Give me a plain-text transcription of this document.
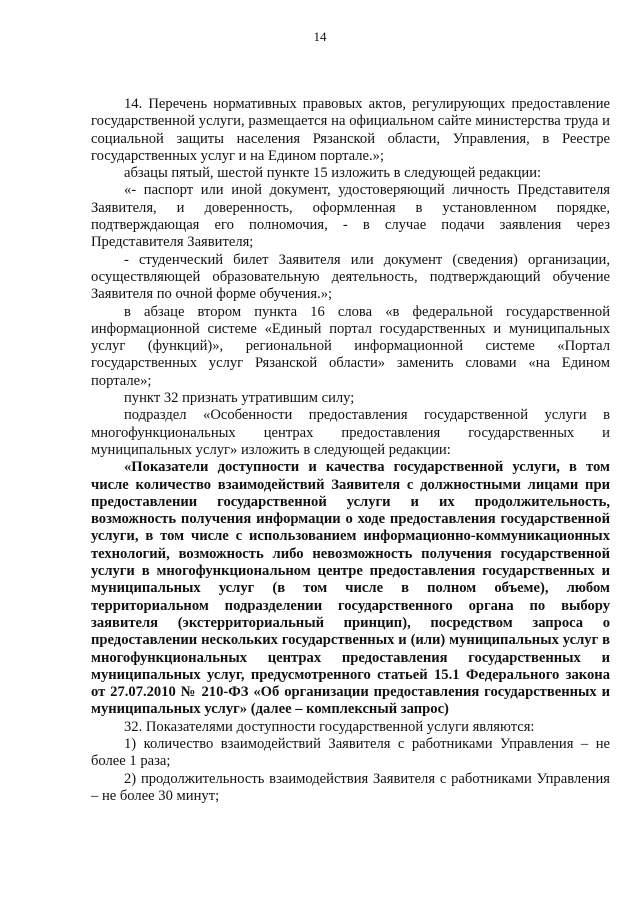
14

14. Перечень нормативных правовых актов, регулирующих предоставление государственной услуги, размещается на официальном сайте министерства труда и социальной защиты населения Рязанской области, Управления, в Реестре государственных услуг и на Едином портале.»;

абзацы пятый, шестой пункте 15 изложить в следующей редакции:

«- паспорт или иной документ, удостоверяющий личность Представителя Заявителя, и доверенность, оформленная в установленном порядке, подтверждающая его полномочия, - в случае подачи заявления через Представителя Заявителя;

- студенческий билет Заявителя или документ (сведения) организации, осуществляющей образовательную деятельность, подтверждающий обучение Заявителя по очной форме обучения.»;

в абзаце втором пункта 16 слова «в федеральной государственной информационной системе «Единый портал государственных и муниципальных услуг (функций)», региональной информационной системе «Портал государственных услуг Рязанской области» заменить словами «на Едином портале»;

пункт 32 признать утратившим силу;

подраздел «Особенности предоставления государственной услуги в многофункциональных центрах предоставления государственных и муниципальных услуг» изложить в следующей редакции:

«Показатели доступности и качества государственной услуги, в том числе количество взаимодействий Заявителя с должностными лицами при предоставлении государственной услуги и их продолжительность, возможность получения информации о ходе предоставления государственной услуги, в том числе с использованием информационно-коммуникационных технологий, возможность либо невозможность получения государственной услуги в многофункциональном центре предоставления государственных и муниципальных услуг (в том числе в полном объеме), любом территориальном подразделении государственного органа по выбору заявителя (экстерриториальный принцип), посредством запроса о предоставлении нескольких государственных и (или) муниципальных услуг в многофункциональных центрах предоставления государственных и муниципальных услуг, предусмотренного статьей 15.1 Федерального закона от 27.07.2010 № 210-ФЗ «Об организации предоставления государственных и муниципальных услуг» (далее – комплексный запрос)

32. Показателями доступности государственной услуги являются:

1) количество взаимодействий Заявителя с работниками Управления – не более 1 раза;

2) продолжительность взаимодействия Заявителя с работниками Управления – не более 30 минут;
